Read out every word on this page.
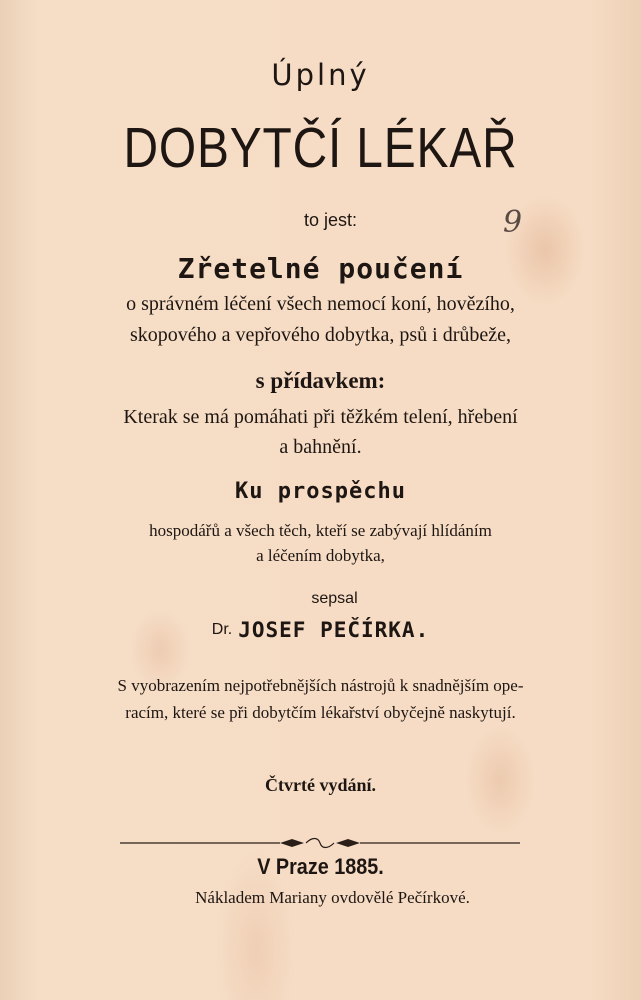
Úplný
DOBYTČÍ LÉKAŘ
to jest:	9
Zřetelné poučení
o správném léčení všech nemocí koní, hovězího,
skopového a vepřového dobytka, psů i drůbeže,
s přídavkem:
Kterak se má pomáhati při těžkém telení, hřebení
a bahnění.
Ku prospěchu
hospodářů a všech těch, kteří se zabývají hlídáním
a léčením dobytka,
sepsal
Dr. JOSEF PEČÍRKA.
S vyobrazením nejpotřebnějších nástrojů k snadnějším ope-
racím, které se při dobytčím lékařství obyčejně naskytují.
Čtvrté vydání.
V Praze 1885.
Nákladem Mariany ovdovělé Pečírkové.
